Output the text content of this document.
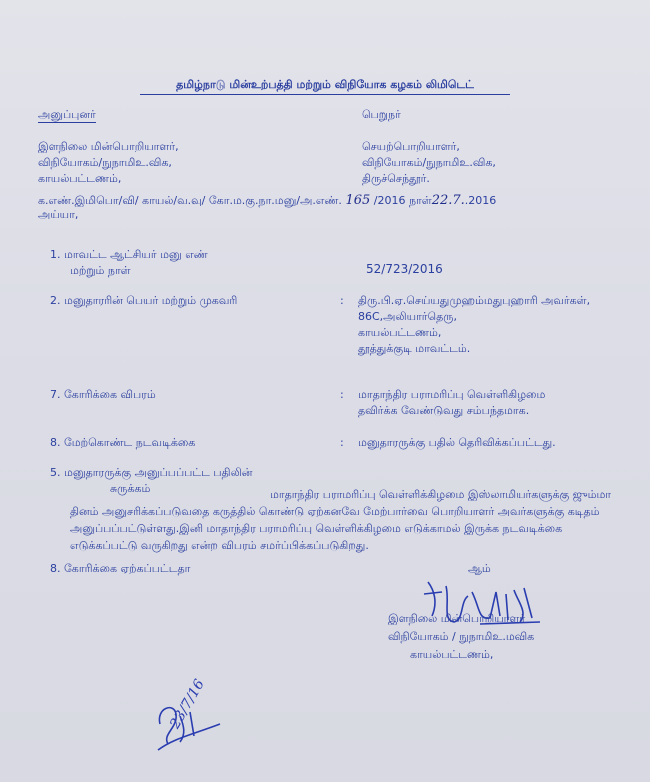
தமிழ்நாடு மின்உற்பத்தி மற்றும் விநியோக கழகம் லிமிடெட்
அனுப்புனர்
இளநிலை மின்பொறியாளர்,
விநியோகம்/நுநாமிஉ.விக,
காயல்பட்டணம்,
பெறுநர்
செயற்பொறியாளர்,
விநியோகம்/நுநாமிஉ.விக,
திருச்செந்தூர்.
க.எண்.இமிபொ/வி/ காயல்/வ.வு/ கோ.ம.கு.நா.மனு/அ.எண். 165 /2016 நாள்22.7..2016
அய்யா,
1. மாவட்ட ஆட்சியர் மனு எண்
மற்றும் நாள்	52/723/2016
2. மனுதாரரின் பெயர் மற்றும் முகவரி	: திரு.பி.ஏ.செய்யதுமுஹம்மதுபுஹாரி அவர்கள்,
86C,அலியார்தெரு,
காயல்பட்டணம்,
தூத்துக்குடி மாவட்டம்.
7. கோரிக்கை விபரம்	: மாதாந்திர பராமரிப்பு வெள்ளிகிழமை
தவிர்க்க வேண்டுவது சம்பந்தமாக.
8. மேற்கொண்ட நடவடிக்கை	: மனுதாரருக்கு பதில் தெரிவிக்கப்பட்டது.
5. மனுதாரருக்கு அனுப்பப்பட்ட பதிலின்
சுருக்கம்	மாதாந்திர பராமரிப்பு வெள்ளிக்கிழமை இஸ்லாமியர்களுக்கு ஜும்மா தினம் அனுசரிக்கப்படுவதை கருத்தில் கொண்டு ஏற்கனவே மேற்பார்வை பொறியாளர் அவர்களுக்கு கடிதம் அனுப்பப்பட்டுள்ளது.இனி மாதாந்திர பராமரிப்பு வெள்ளிக்கிழமை எடுக்காமல் இருக்க நடவடிக்கை எடுக்கப்பட்டு வருகிறது என்ற விபரம் சமர்ப்பிக்கப்படுகிறது.
8. கோரிக்கை ஏற்கப்பட்டதா	ஆம்
இளநிலை மின்பொறியாளர்
விநியோகம் / நுநாமிஉ.மவிக
காயல்பட்டணம்,
23/7/16
